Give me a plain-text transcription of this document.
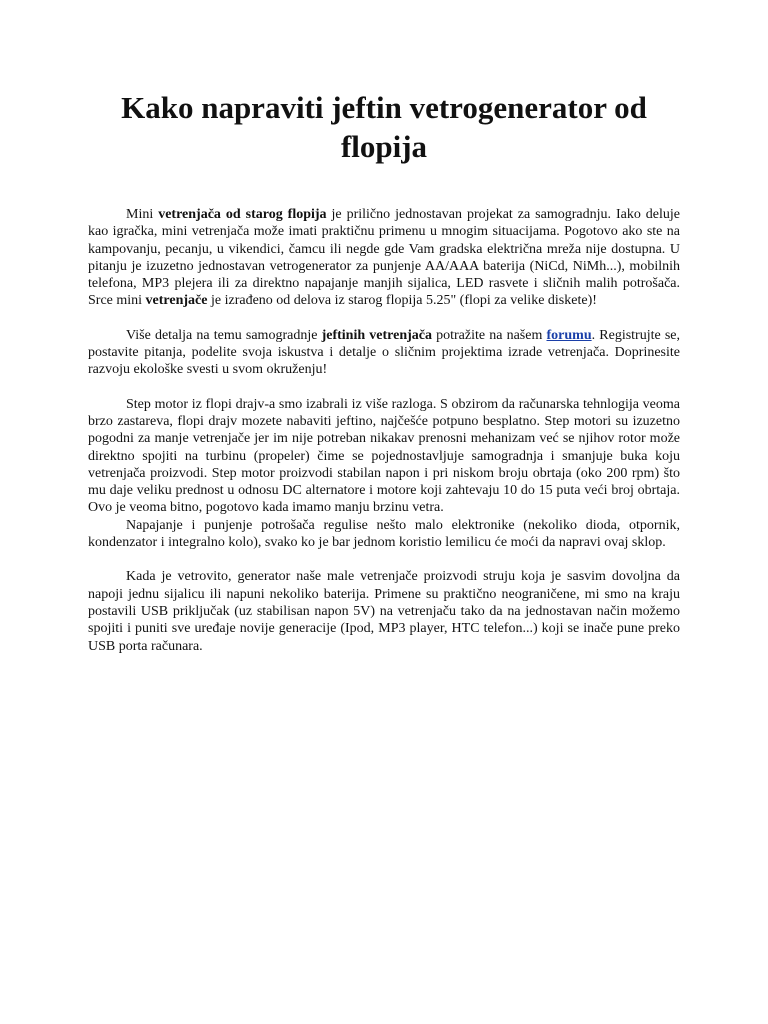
Kako napraviti jeftin vetrogenerator od flopija

Mini vetrenjača od starog flopija je prilično jednostavan projekat za samogradnju. Iako deluje kao igračka, mini vetrenjača može imati praktičnu primenu u mnogim situacijama. Pogotovo ako ste na kampovanju, pecanju, u vikendici, čamcu ili negde gde Vam gradska električna mreža nije dostupna. U pitanju je izuzetno jednostavan vetrogenerator za punjenje AA/AAA baterija (NiCd, NiMh...), mobilnih telefona, MP3 plejera ili za direktno napajanje manjih sijalica, LED rasvete i sličnih malih potrošača. Srce mini vetrenjače je izrađeno od delova iz starog flopija 5.25" (flopi za velike diskete)!

Više detalja na temu samogradnje jeftinih vetrenjača potražite na našem forumu. Registrujte se, postavite pitanja, podelite svoja iskustva i detalje o sličnim projektima izrade vetrenjača. Doprinesite razvoju ekološke svesti u svom okruženju!

Step motor iz flopi drajv-a smo izabrali iz više razloga. S obzirom da računarska tehnlogija veoma brzo zastareva, flopi drajv mozete nabaviti jeftino, najčešće potpuno besplatno. Step motori su izuzetno pogodni za manje vetrenjače jer im nije potreban nikakav prenosni mehanizam već se njihov rotor može direktno spojiti na turbinu (propeler) čime se pojednostavljuje samogradnja i smanjuje buka koju vetrenjača proizvodi. Step motor proizvodi stabilan napon i pri niskom broju obrtaja (oko 200 rpm) što mu daje veliku prednost u odnosu DC alternatore i motore koji zahtevaju 10 do 15 puta veći broj obrtaja. Ovo je veoma bitno, pogotovo kada imamo manju brzinu vetra.

Napajanje i punjenje potrošača regulise nešto malo elektronike (nekoliko dioda, otpornik, kondenzator i integralno kolo), svako ko je bar jednom koristio lemilicu će moći da napravi ovaj sklop.

Kada je vetrovito, generator naše male vetrenjače proizvodi struju koja je sasvim dovoljna da napoji jednu sijalicu ili napuni nekoliko baterija. Primene su praktično neograničene, mi smo na kraju postavili USB priključak (uz stabilisan napon 5V) na vetrenjaču tako da na jednostavan način možemo spojiti i puniti sve uređaje novije generacije (Ipod, MP3 player, HTC telefon...) koji se inače pune preko USB porta računara.
